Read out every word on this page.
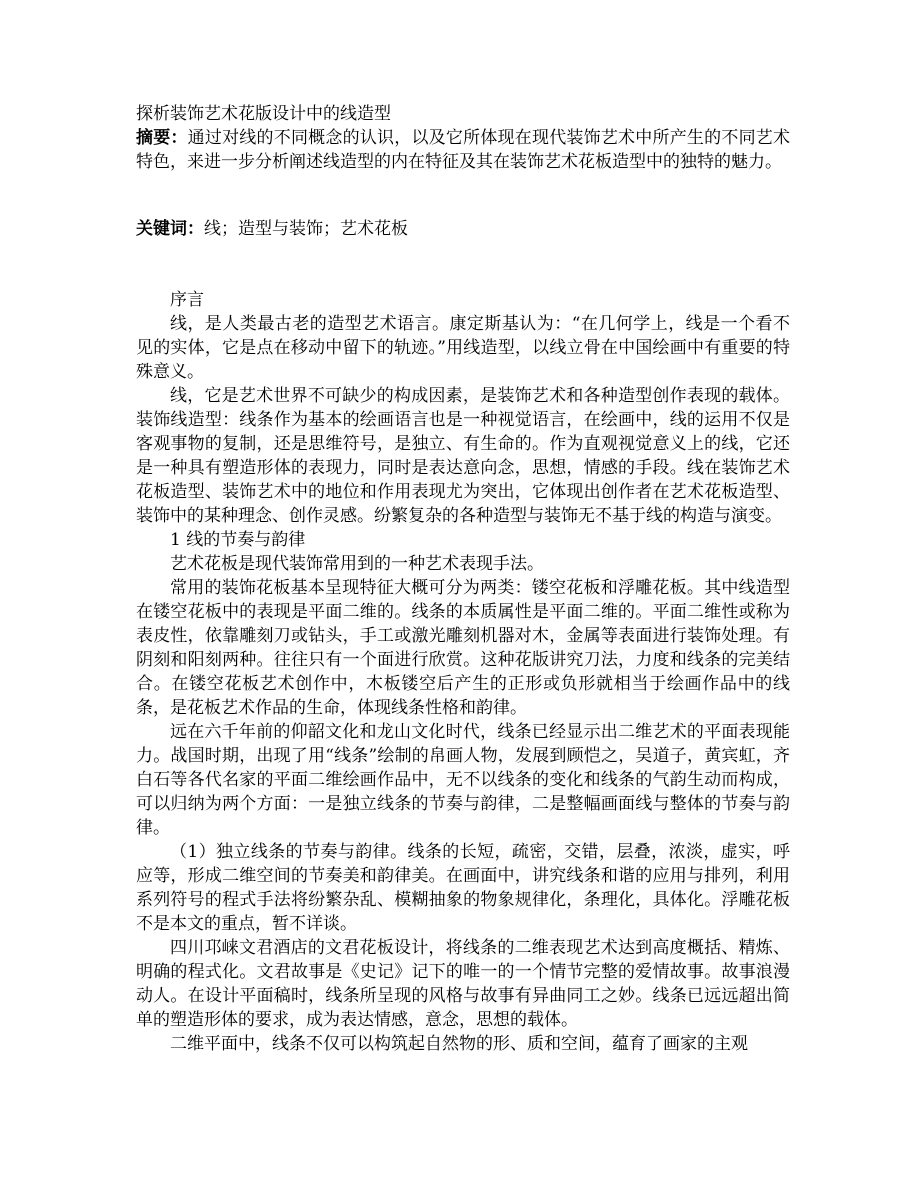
探析装饰艺术花版设计中的线造型

摘要：通过对线的不同概念的认识，以及它所体现在现代装饰艺术中所产生的不同艺术特色，来进一步分析阐述线造型的内在特征及其在装饰艺术花板造型中的独特的魅力。

关键词：线；造型与装饰；艺术花板

序言

线，是人类最古老的造型艺术语言。康定斯基认为：“在几何学上，线是一个看不见的实体，它是点在移动中留下的轨迹。”用线造型，以线立骨在中国绘画中有重要的特殊意义。

线，它是艺术世界不可缺少的构成因素，是装饰艺术和各种造型创作表现的载体。装饰线造型：线条作为基本的绘画语言也是一种视觉语言，在绘画中，线的运用不仅是客观事物的复制，还是思维符号，是独立、有生命的。作为直观视觉意义上的线，它还是一种具有塑造形体的表现力，同时是表达意向念，思想，情感的手段。线在装饰艺术花板造型、装饰艺术中的地位和作用表现尤为突出，它体现出创作者在艺术花板造型、装饰中的某种理念、创作灵感。纷繁复杂的各种造型与装饰无不基于线的构造与演变。

1 线的节奏与韵律

艺术花板是现代装饰常用到的一种艺术表现手法。

常用的装饰花板基本呈现特征大概可分为两类：镂空花板和浮雕花板。其中线造型在镂空花板中的表现是平面二维的。线条的本质属性是平面二维的。平面二维性或称为表皮性，依靠雕刻刀或钻头，手工或激光雕刻机器对木，金属等表面进行装饰处理。有阴刻和阳刻两种。往往只有一个面进行欣赏。这种花版讲究刀法，力度和线条的完美结合。在镂空花板艺术创作中，木板镂空后产生的正形或负形就相当于绘画作品中的线条，是花板艺术作品的生命，体现线条性格和韵律。

远在六千年前的仰韶文化和龙山文化时代，线条已经显示出二维艺术的平面表现能力。战国时期，出现了用“线条”绘制的帛画人物，发展到顾恺之，吴道子，黄宾虹，齐白石等各代名家的平面二维绘画作品中，无不以线条的变化和线条的气韵生动而构成，可以归纳为两个方面：一是独立线条的节奏与韵律，二是整幅画面线与整体的节奏与韵律。

（1）独立线条的节奏与韵律。线条的长短，疏密，交错，层叠，浓淡，虚实，呼应等，形成二维空间的节奏美和韵律美。在画面中，讲究线条和谐的应用与排列，利用系列符号的程式手法将纷繁杂乱、模糊抽象的物象规律化，条理化，具体化。浮雕花板不是本文的重点，暂不详谈。

四川邛崃文君酒店的文君花板设计，将线条的二维表现艺术达到高度概括、精炼、明确的程式化。文君故事是《史记》记下的唯一的一个情节完整的爱情故事。故事浪漫动人。在设计平面稿时，线条所呈现的风格与故事有异曲同工之妙。线条已远远超出简单的塑造形体的要求，成为表达情感，意念，思想的载体。

二维平面中，线条不仅可以构筑起自然物的形、质和空间，蕴育了画家的主观
